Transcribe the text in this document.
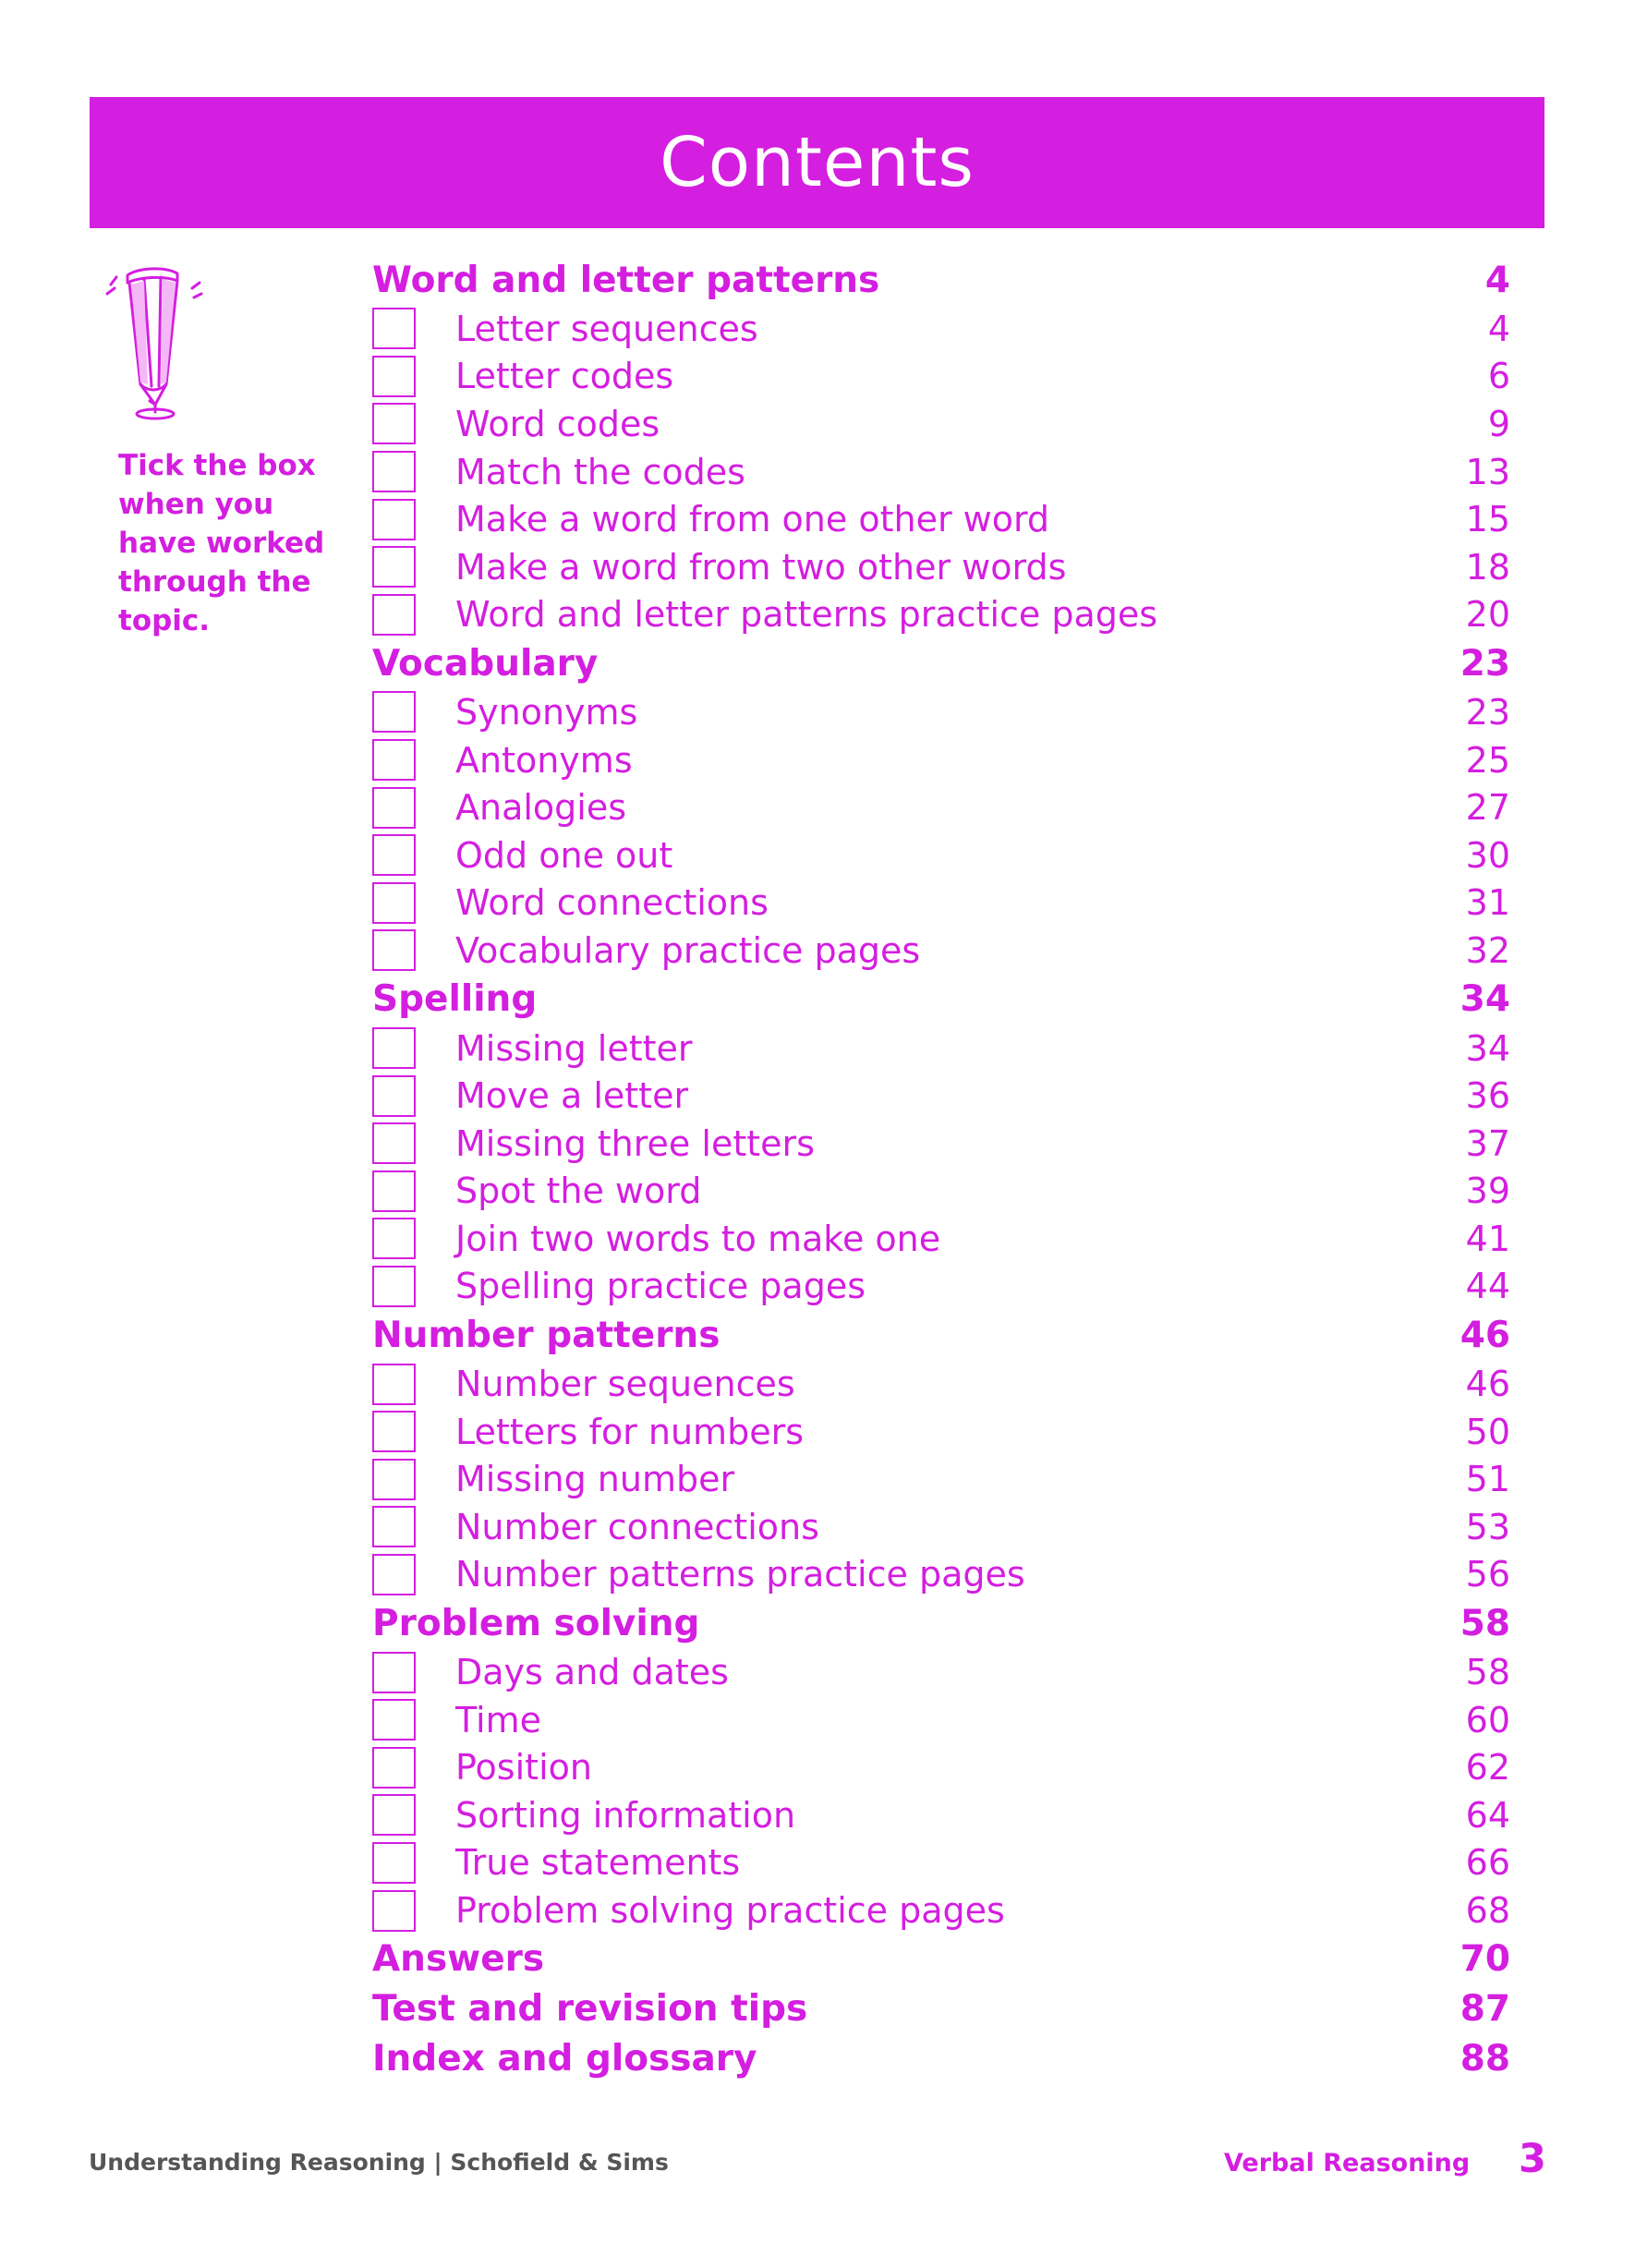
Contents
Tick the box when you have worked through the topic.
Word and letter patterns	4
Letter sequences	4
Letter codes	6
Word codes	9
Match the codes	13
Make a word from one other word	15
Make a word from two other words	18
Word and letter patterns practice pages	20
Vocabulary	23
Synonyms	23
Antonyms	25
Analogies	27
Odd one out	30
Word connections	31
Vocabulary practice pages	32
Spelling	34
Missing letter	34
Move a letter	36
Missing three letters	37
Spot the word	39
Join two words to make one	41
Spelling practice pages	44
Number patterns	46
Number sequences	46
Letters for numbers	50
Missing number	51
Number connections	53
Number patterns practice pages	56
Problem solving	58
Days and dates	58
Time	60
Position	62
Sorting information	64
True statements	66
Problem solving practice pages	68
Answers	70
Test and revision tips	87
Index and glossary	88
Understanding Reasoning | Schofield & Sims	Verbal Reasoning 3
